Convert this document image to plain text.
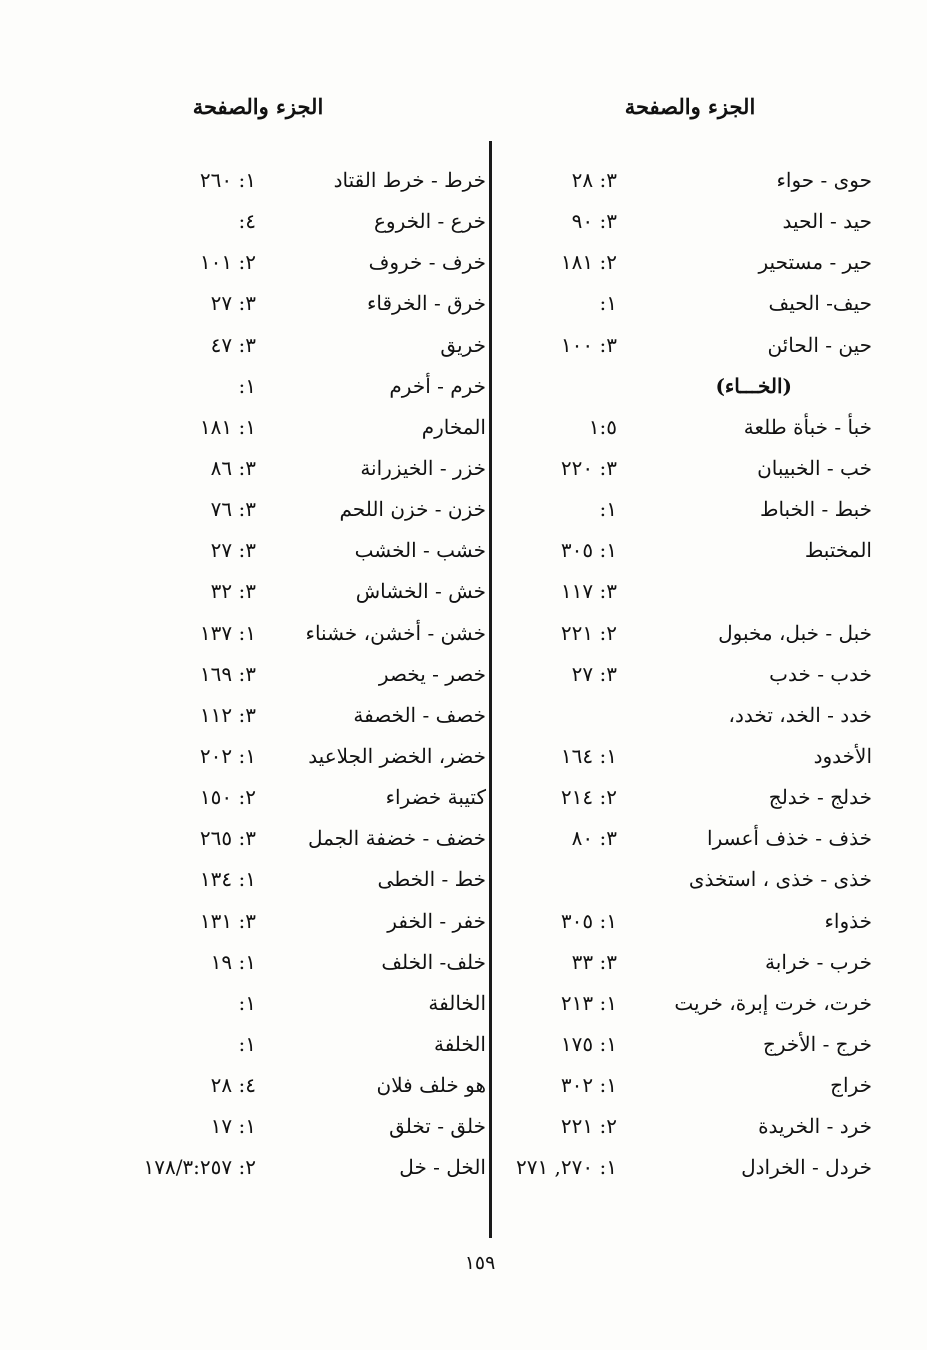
الجزء والصفحة
الجزء والصفحة
حوى - حواء
٣: ٢٨
حيد - الحيد
٣: ٩٠
حير - مستحير
٢: ١٨١
حيف- الحيف
١:
حين - الحائن
٣: ١٠٠
(الخـــاء)
خبأ - خبأة طلعة
١:٥
خب - الخبيبان
٣: ٢٢٠
خبط - الخباط
١:
المختبط
١: ٣٠٥
٣: ١١٧
خبل - خبل، مخبول
٢: ٢٢١
خدب - خدب
٣: ٢٧
خدد - الخد، تخدد،
الأخدود
١: ١٦٤
خدلج - خدلج
٢: ٢١٤
خذف - خذف أعسرا
٣: ٨٠
خذى - خذى ، استخذى
خذواء
١: ٣٠٥
خرب - خرابة
٣: ٣٣
خرت، خرت إبرة، خريت
١: ٢١٣
خرج - الأخرج
١: ١٧٥
خراج
١: ٣٠٢
خرد - الخريدة
٢: ٢٢١
خردل - الخرادل
١: ٢٧٠, ٢٧١
خرط - خرط القتاد
١: ٢٦٠
خرع - الخروع
٤:
خرف - خروف
٢: ١٠١
خرق - الخرقاء
٣: ٢٧
خريق
٣: ٤٧
خرم - أخرم
١:
المخارم
١: ١٨١
خزر - الخيزرانة
٣: ٨٦
خزن - خزن اللحم
٣: ٧٦
خشب - الخشب
٣: ٢٧
خش - الخشاش
٣: ٣٢
خشن - أخشن، خشناء
١: ١٣٧
خصر - يخصر
٣: ١٦٩
خصف - الخصفة
٣: ١١٢
خضر، الخضر الجلاعيد
١: ٢٠٢
كتيبة خضراء
٢: ١٥٠
خضف - خضفة الجمل
٣: ٢٦٥
خط - الخطى
١: ١٣٤
خفر - الخفر
٣: ١٣١
خلف- الخلف
١: ١٩
الخالفة
١:
الخلفة
١:
هو خلف فلان
٤: ٢٨
خلق - تخلق
١: ١٧
الخل - خل
٢: ١٧٨/٣:٢٥٧
١٥٩
